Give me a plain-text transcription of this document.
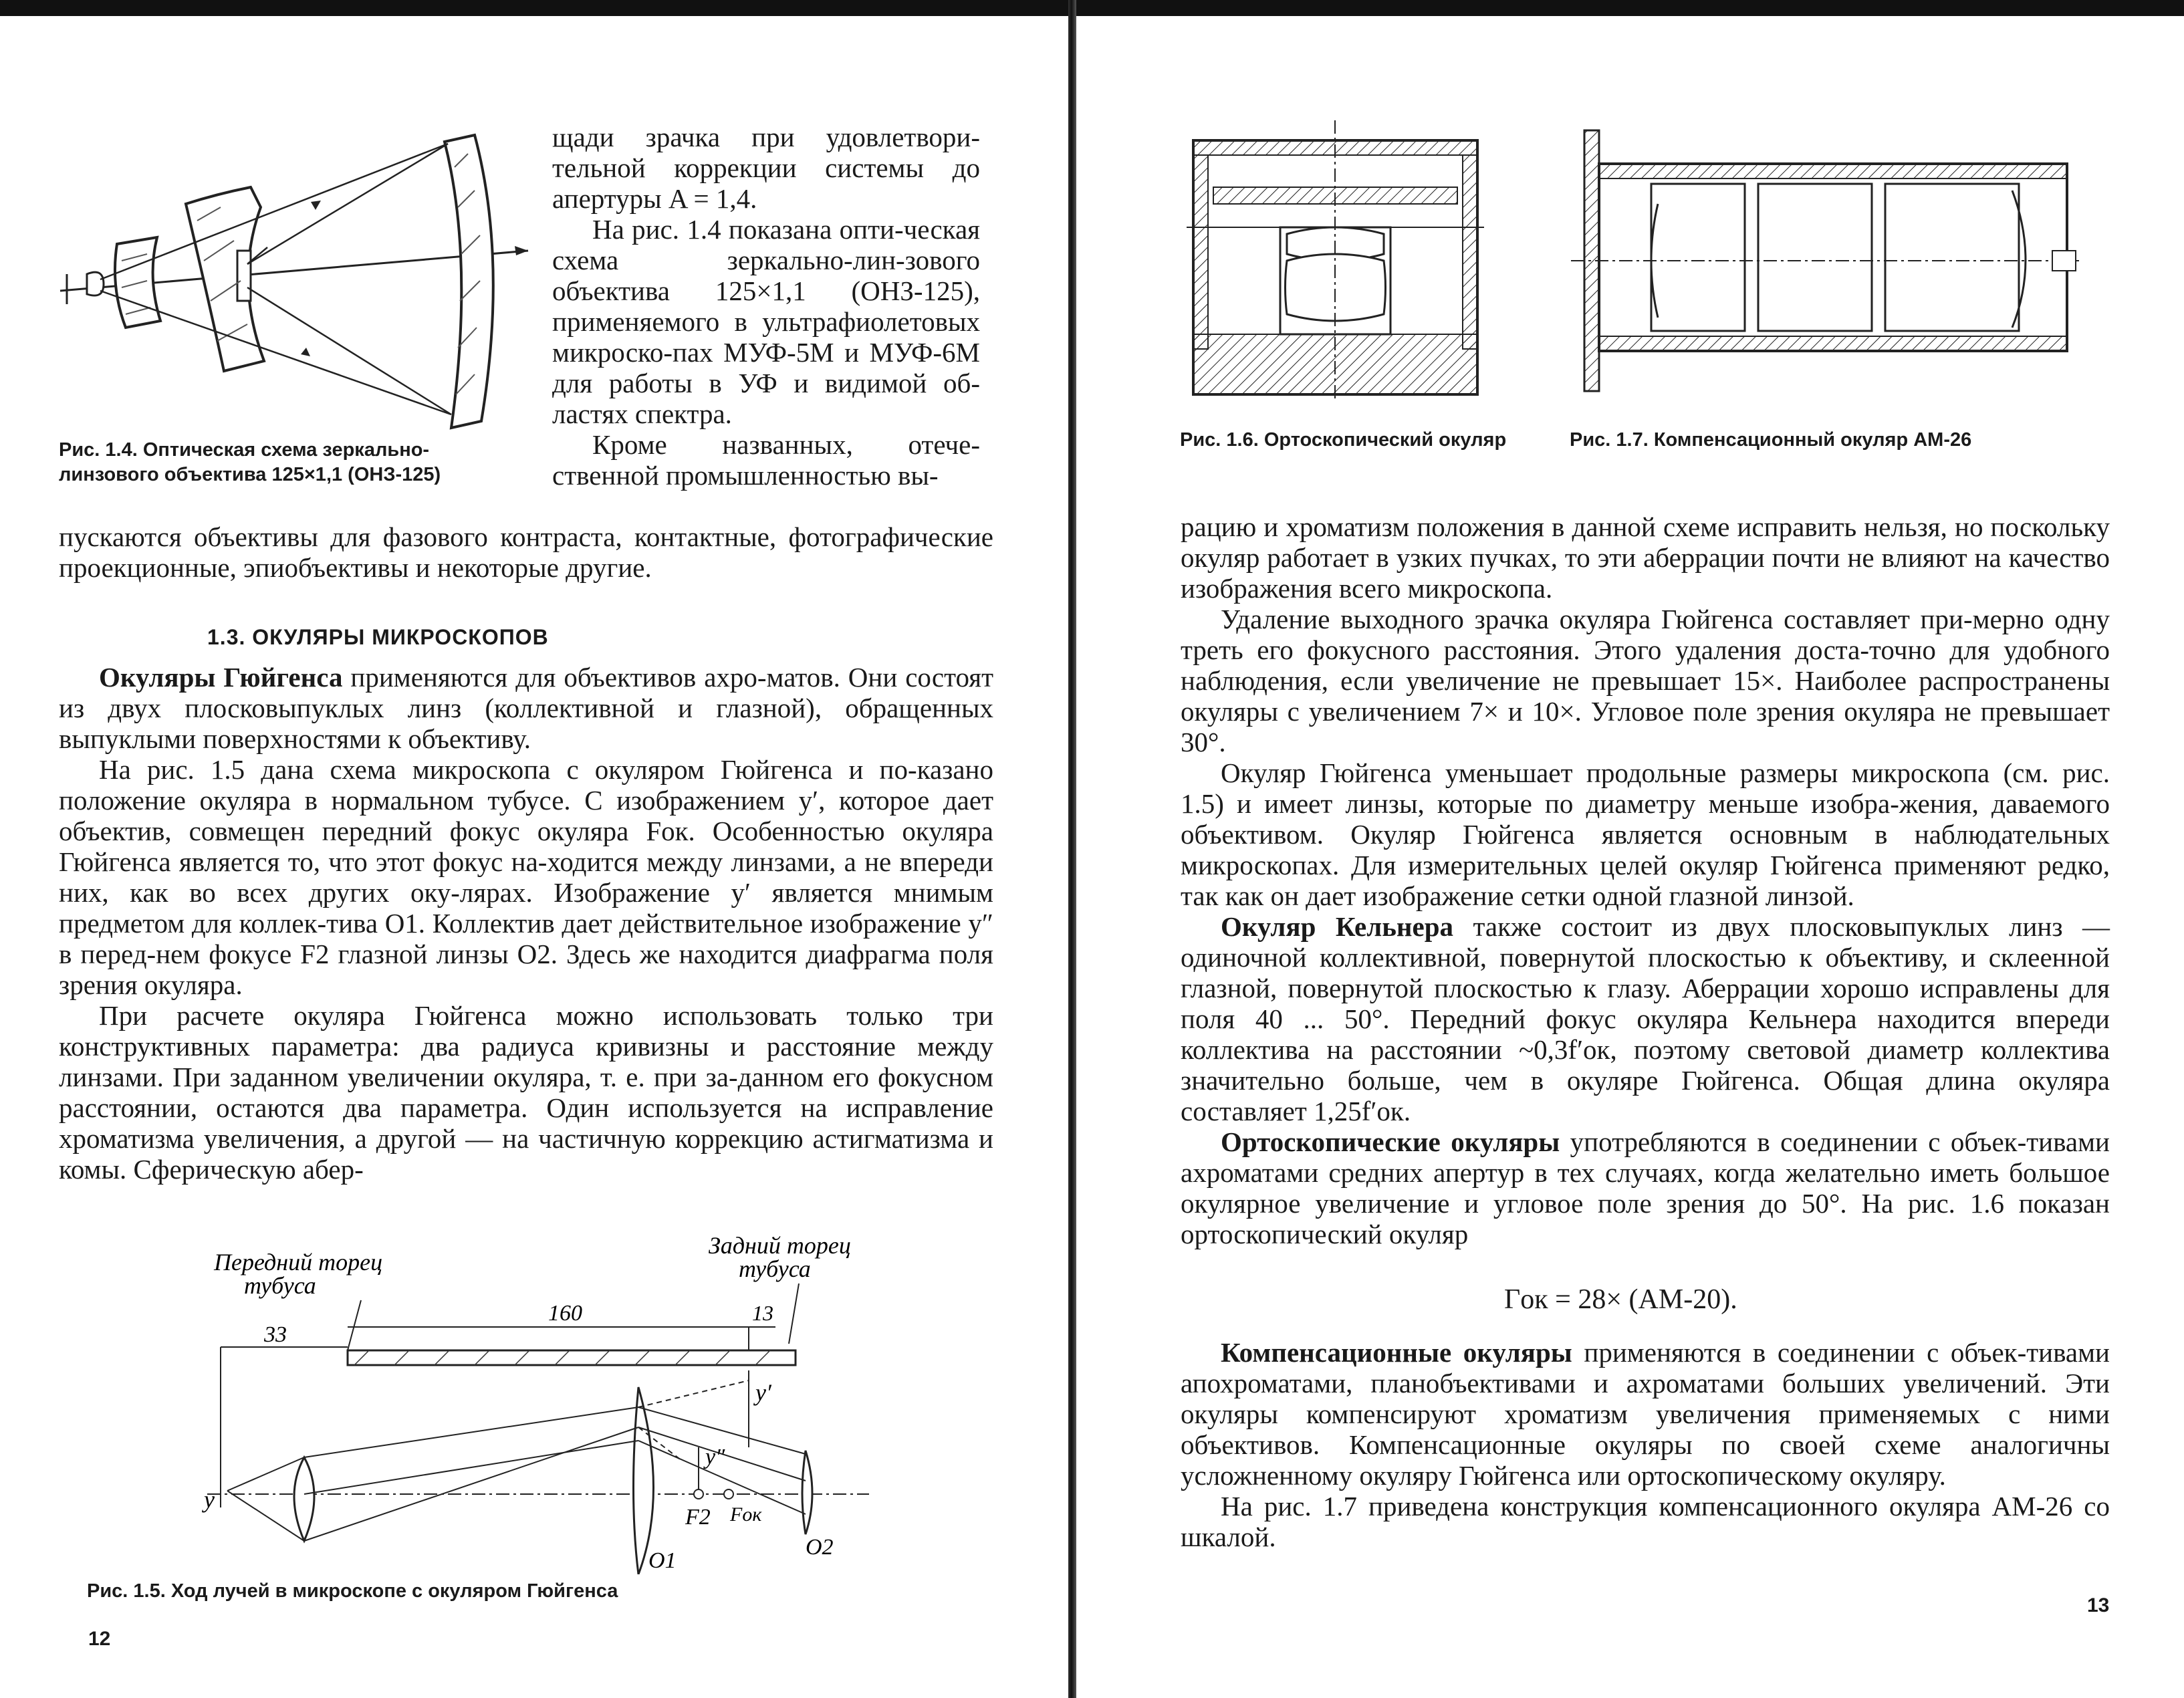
Рис. 1.4. Оптическая схема зеркально-линзового объектива 125×1,1 (ОНЗ-125)

щади зрачка при удовлетвори-тельной коррекции системы до апертуры A = 1,4.

На рис. 1.4 показана опти-ческая схема зеркально-лин-зового объектива 125×1,1 (ОНЗ-125), применяемого в ультрафиолетовых микроско-пах МУФ-5М и МУФ-6М для работы в УФ и видимой об-ластях спектра.

Кроме названных, отече-ственной промышленностью вы-

пускаются объективы для фазового контраста, контактные, фотографические проекционные, эпиобъективы и некоторые другие.

1.3. ОКУЛЯРЫ МИКРОСКОПОВ

Окуляры Гюйгенса применяются для объективов ахро-матов. Они состоят из двух плосковыпуклых линз (коллективной и глазной), обращенных выпуклыми поверхностями к объективу.

На рис. 1.5 дана схема микроскопа с окуляром Гюйгенса и по-казано положение окуляра в нормальном тубусе. С изображением y′, которое дает объектив, совмещен передний фокус окуляра Fок. Особенностью окуляра Гюйгенса является то, что этот фокус на-ходится между линзами, а не впереди них, как во всех других оку-лярах. Изображение y′ является мнимым предметом для коллек-тива O1. Коллектив дает действительное изображение y″ в перед-нем фокусе F2 глазной линзы O2. Здесь же находится диафрагма поля зрения окуляра.

При расчете окуляра Гюйгенса можно использовать только три конструктивных параметра: два радиуса кривизны и расстояние между линзами. При заданном увеличении окуляра, т. е. при за-данном его фокусном расстоянии, остаются два параметра. Один используется на исправление хроматизма увеличения, а другой — на частичную коррекцию астигматизма и комы. Сферическую абер-

Передний торец
тубуса
Задний торец
тубуса
160
33
13
y
y′
y″
F2 Fок
O1
O2

Рис. 1.5. Ход лучей в микроскопе с окуляром Гюйгенса

12

Рис. 1.6. Ортоскопический окуляр	Рис. 1.7. Компенсационный окуляр АМ-26

рацию и хроматизм положения в данной схеме исправить нельзя, но поскольку окуляр работает в узких пучках, то эти аберрации почти не влияют на качество изображения всего микроскопа.

Удаление выходного зрачка окуляра Гюйгенса составляет при-мерно одну треть его фокусного расстояния. Этого удаления доста-точно для удобного наблюдения, если увеличение не превышает 15×. Наиболее распространены окуляры с увеличением 7× и 10×. Угловое поле зрения окуляра не превышает 30°.

Окуляр Гюйгенса уменьшает продольные размеры микроскопа (см. рис. 1.5) и имеет линзы, которые по диаметру меньше изобра-жения, даваемого объективом. Окуляр Гюйгенса является основным в наблюдательных микроскопах. Для измерительных целей окуляр Гюйгенса применяют редко, так как он дает изображение сетки одной глазной линзой.

Окуляр Кельнера также состоит из двух плосковыпуклых линз — одиночной коллективной, повернутой плоскостью к объективу, и склеенной глазной, повернутой плоскостью к глазу. Аберрации хорошо исправлены для поля 40 ... 50°. Передний фокус окуляра Кельнера находится впереди коллектива на расстоянии ~0,3f′ок, поэтому световой диаметр коллектива значительно больше, чем в окуляре Гюйгенса. Общая длина окуляра составляет 1,25f′ок.

Ортоскопические окуляры употребляются в соединении с объек-тивами ахроматами средних апертур в тех случаях, когда желательно иметь большое окулярное увеличение и угловое поле зрения до 50°. На рис. 1.6 показан ортоскопический окуляр

Γок = 28× (АМ-20).

Компенсационные окуляры применяются в соединении с объек-тивами апохроматами, планобъективами и ахроматами больших увеличений. Эти окуляры компенсируют хроматизм увеличения применяемых с ними объективов. Компенсационные окуляры по своей схеме аналогичны усложненному окуляру Гюйгенса или ортоскопическому окуляру.

На рис. 1.7 приведена конструкция компенсационного окуляра АМ-26 со шкалой.

13
